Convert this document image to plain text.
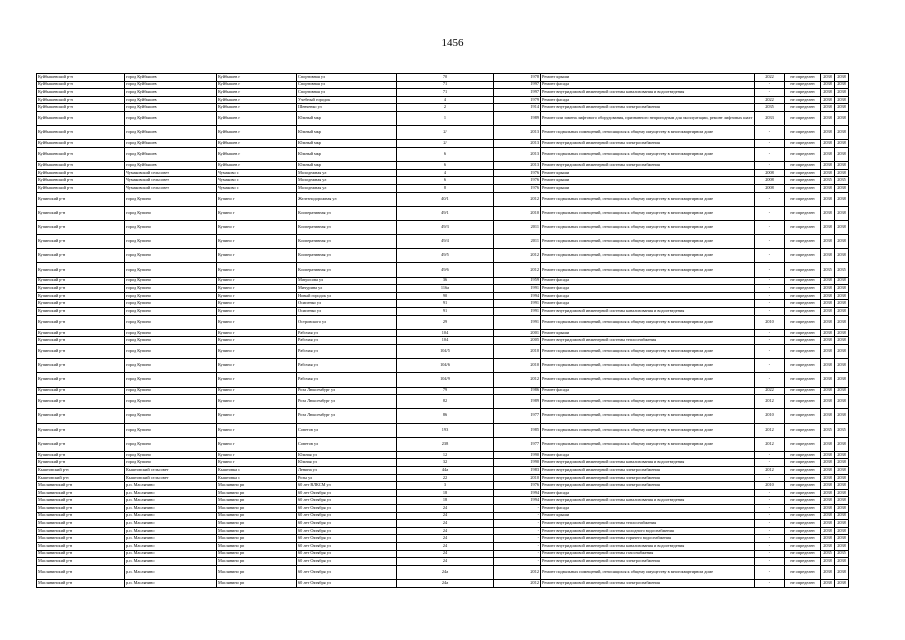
1456
Куйбышевский р-н	город Куйбышев	Куйбышев г	Спортивная ул	70	1978	Ремонт крыши	2022	не определен	2038	2038
Куйбышевский р-н	город Куйбышев	Куйбышев г	Спортивная ул	71	1997	Ремонт фасада	-	не определен	2038	2038
Куйбышевский р-н	город Куйбышев	Куйбышев г	Спортивная ул	71	1997	Ремонт внутридомовой инженерной системы канализования и водоотведения	-	не определен	2038	2038
Куйбышевский р-н	город Куйбышев	Куйбышев г	Учебный городок	4	1979	Ремонт фасада	2022	не определен	2038	2038
Куйбышевский р-н	город Куйбышев	Куйбышев г	Шевченко ул	2	1914	Ремонт внутридомовой инженерной системы электроснабжения	2035	не определен	2038	2038
Куйбышевский р-н	город Куйбышев	Куйбышев г	Южный мкр	1	1989	Ремонт или замена лифтового оборудования, признанного непригодным для эксплуатации, ремонт лифтовых шахт	2033	не определен	2038	2038
Куйбышевский р-н	город Куйбышев	Куйбышев г	Южный мкр	2/	2013	Ремонт подвальных помещений, относящихся к общему имуществу в многоквартирном доме	-	не определен	2038	2038
Куйбышевский р-н	город Куйбышев	Куйбышев г	Южный мкр	2/	2013	Ремонт внутридомовой инженерной системы электроснабжения	-	не определен	2038	2038
Куйбышевский р-н	город Куйбышев	Куйбышев г	Южный мкр	6	2013	Ремонт подвальных помещений, относящихся к общему имуществу в многоквартирном доме	-	не определен	2038	2038
Куйбышевский р-н	город Куйбышев	Куйбышев г	Южный мкр	6	2013	Ремонт внутридомовой инженерной системы электроснабжения	-	не определен	2038	2038
Куйбышевский р-н	Чумаковский сельсовет	Чумаково с	Молодежная ул	4	1976	Ремонт крыши	2008	не определен	2038	2038
Куйбышевский р-н	Чумаковский сельсовет	Чумаково с	Молодежная ул	6	1976	Ремонт крыши	2008	не определен	2035	2035
Куйбышевский р-н	Чумаковский сельсовет	Чумаково с	Молодежная ул	8	1976	Ремонт крыши	2008	не определен	2038	2038
Купинский р-н	город Купино	Купино г	Железнодорожная ул	40/1	2012	Ремонт подвальных помещений, относящихся к общему имуществу в многоквартирном доме	-	не определен	2038	2038
Купинский р-н	город Купино	Купино г	Кооперативная ул	49/1	2010	Ремонт подвальных помещений, относящихся к общему имуществу в многоквартирном доме	-	не определен	2038	2038
Купинский р-н	город Купино	Купино г	Кооперативная ул	49/3	2011	Ремонт подвальных помещений, относящихся к общему имуществу в многоквартирном доме	-	не определен	2038	2038
Купинский р-н	город Купино	Купино г	Кооперативная ул	49/4	2011	Ремонт подвальных помещений, относящихся к общему имуществу в многоквартирном доме	-	не определен	2038	2038
Купинский р-н	город Купино	Купино г	Кооперативная ул	49/5	2012	Ремонт подвальных помещений, относящихся к общему имуществу в многоквартирном доме	-	не определен	2038	2038
Купинский р-н	город Купино	Купино г	Кооперативная ул	49/6	2012	Ремонт подвальных помещений, относящихся к общему имуществу в многоквартирном доме	-	не определен	2035	2035
Купинский р-н	город Купино	Купино г	Матросова ул	36	1959	Ремонт фасада	-	не определен	2038	2038
Купинский р-н	город Купино	Купино г	Мичурина ул	116а	1991	Ремонт фасада	-	не определен	2038	2038
Купинский р-н	город Купино	Купино г	Новый городок ул	90	1994	Ремонт фасада	-	не определен	2038	2038
Купинский р-н	город Купино	Купино г	Осипенко ул	91	1991	Ремонт фасада	-	не определен	2038	2038
Купинский р-н	город Купино	Купино г	Осипенко ул	91	1991	Ремонт внутридомовой инженерной системы канализования и водоотведения	-	не определен	2038	2038
Купинский р-н	город Купино	Купино г	Островского ул	29	1991	Ремонт подвальных помещений, относящихся к общему имуществу в многоквартирном доме	2010	не определен	2038	2038
Купинский р-н	город Купино	Купино г	Рабочая ул	104	2001	Ремонт крыши	-	не определен	2038	2038
Купинский р-н	город Купино	Купино г	Рабочая ул	104	2005	Ремонт внутридомовой инженерной системы теплоснабжения	-	не определен	2038	2038
Купинский р-н	город Купино	Купино г	Рабочая ул	104/5	2010	Ремонт подвальных помещений, относящихся к общему имуществу в многоквартирном доме	-	не определен	2038	2038
Купинский р-н	город Купино	Купино г	Рабочая ул	104/6	2010	Ремонт подвальных помещений, относящихся к общему имуществу в многоквартирном доме	-	не определен	2038	2038
Купинский р-н	город Купино	Купино г	Рабочая ул	104/9	2012	Ремонт подвальных помещений, относящихся к общему имуществу в многоквартирном доме	-	не определен	2038	2038
Купинский р-н	город Купино	Купино г	Роза Люксембург ул	79	1986	Ремонт фасада	2022	не определен	2038	2038
Купинский р-н	город Купино	Купино г	Роза Люксембург ул	82	1989	Ремонт подвальных помещений, относящихся к общему имуществу в многоквартирном доме	2012	не определен	2038	2038
Купинский р-н	город Купино	Купино г	Роза Люксембург ул	86	1977	Ремонт подвальных помещений, относящихся к общему имуществу в многоквартирном доме	2010	не определен	2038	2038
Купинский р-н	город Купино	Купино г	Советов ул	193	1985	Ремонт подвальных помещений, относящихся к общему имуществу в многоквартирном доме	2012	не определен	2035	2035
Купинский р-н	город Купино	Купино г	Советов ул	238	1977	Ремонт подвальных помещений, относящихся к общему имуществу в многоквартирном доме	2012	не определен	2038	2038
Купинский р-н	город Купино	Купино г	Южная ул	12	1990	Ремонт фасада	-	не определен	2038	2038
Купинский р-н	город Купино	Купино г	Южная ул	32	1990	Ремонт внутридомовой инженерной системы канализования и водоотведения	-	не определен	2038	2038
Кыштовский р-н	Кыштовский сельсовет	Кыштовка с	Ленина ул	44а	1983	Ремонт внутридомовой инженерной системы электроснабжения	2012	не определен	2038	2038
Кыштовский р-н	Кыштовский сельсовет	Кыштовка с	Розы ул	22	2010	Ремонт внутридомовой инженерной системы электроснабжения	-	не определен	2038	2038
Маслянинский р-н	р.п. Маслянино	Маслянино рп	60 лет ВЛКСМ ул	3	1976	Ремонт внутридомовой инженерной системы электроснабжения	2010	не определен	2038	2038
Маслянинский р-н	р.п. Маслянино	Маслянино рп	60 лет Октября ул	18	1994	Ремонт фасада	-	не определен	2038	2038
Маслянинский р-н	р.п. Маслянино	Маслянино рп	60 лет Октября ул	18	1994	Ремонт внутридомовой инженерной системы канализования и водоотведения	-	не определен	2038	2038
Маслянинский р-н	р.п. Маслянино	Маслянино рп	60 лет Октября ул	24	-	Ремонт фасада	-	не определен	2038	2038
Маслянинский р-н	р.п. Маслянино	Маслянино рп	60 лет Октября ул	24	-	Ремонт крыши	-	не определен	2038	2038
Маслянинский р-н	р.п. Маслянино	Маслянино рп	60 лет Октября ул	24	-	Ремонт внутридомовой инженерной системы теплоснабжения	-	не определен	2038	2038
Маслянинский р-н	р.п. Маслянино	Маслянино рп	60 лет Октября ул	24	-	Ремонт внутридомовой инженерной системы холодного водоснабжения	-	не определен	2038	2038
Маслянинский р-н	р.п. Маслянино	Маслянино рп	60 лет Октября ул	24	-	Ремонт внутридомовой инженерной системы горячего водоснабжения	-	не определен	2038	2038
Маслянинский р-н	р.п. Маслянино	Маслянино рп	60 лет Октября ул	24	-	Ремонт внутридомовой инженерной системы канализования и водоотведения	-	не определен	2038	2038
Маслянинский р-н	р.п. Маслянино	Маслянино рп	60 лет Октября ул	24	-	Ремонт внутридомовой инженерной системы газоснабжения	-	не определен	2035	2035
Маслянинский р-н	р.п. Маслянино	Маслянино рп	60 лет Октября ул	24	-	Ремонт внутридомовой инженерной системы электроснабжения	-	не определен	2038	2038
Маслянинский р-н	р.п. Маслянино	Маслянино рп	60 лет Октября ул	24а	2012	Ремонт подвальных помещений, относящихся к общему имуществу в многоквартирном доме	-	не определен	2038	2038
Маслянинский р-н	р.п. Маслянино	Маслянино рп	60 лет Октября ул	24а	2012	Ремонт внутридомовой инженерной системы электроснабжения	-	не определен	2038	2038
